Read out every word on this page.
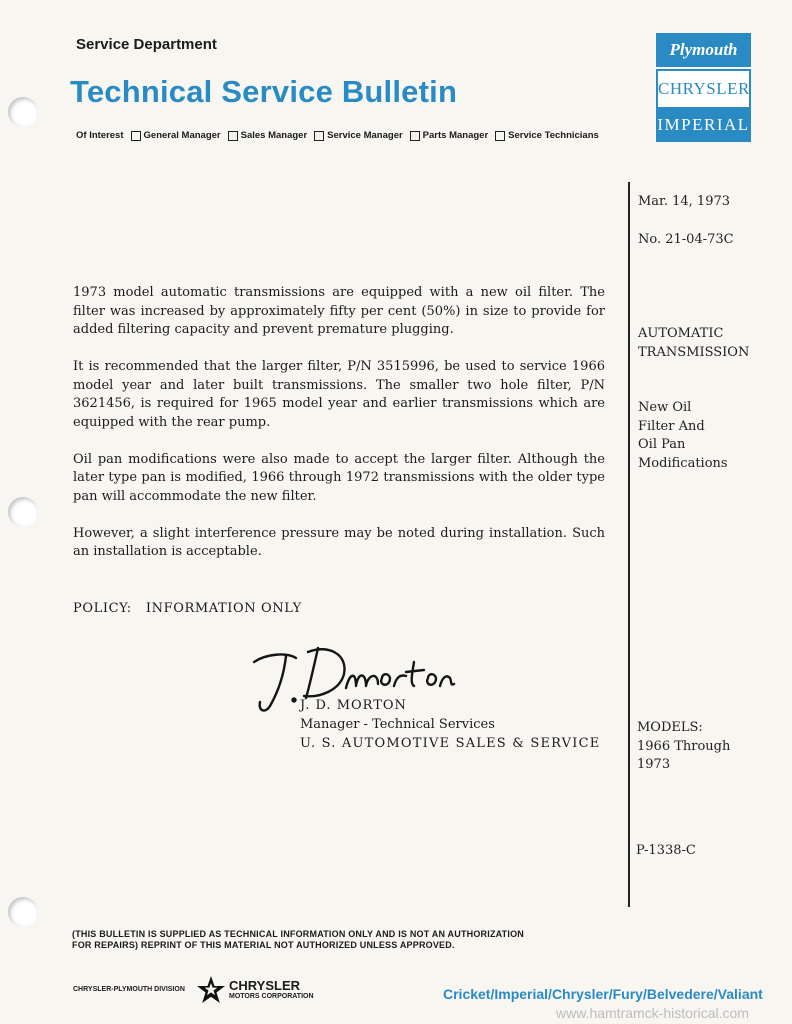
Service Department
Technical Service Bulletin
Of Interest General Manager Sales Manager Service Manager Parts Manager Service Technicians
Plymouth
CHRYSLER
IMPERIAL
Mar. 14, 1973
No. 21-04-73C
AUTOMATIC
TRANSMISSION
New Oil
Filter And
Oil Pan
Modifications
MODELS:
1966 Through
1973
P-1338-C

1973 model automatic transmissions are equipped with a new oil filter. The filter was increased by approximately fifty per cent (50%) in size to provide for added filtering capacity and prevent premature plugging.

It is recommended that the larger filter, P/N 3515996, be used to service 1966 model year and later built transmissions. The smaller two hole filter, P/N 3621456, is required for 1965 model year and earlier transmissions which are equipped with the rear pump.

Oil pan modifications were also made to accept the larger filter. Although the later type pan is modified, 1966 through 1972 transmissions with the older type pan will accommodate the new filter.

However, a slight interference pressure may be noted during installation. Such an installation is acceptable.

POLICY:   INFORMATION ONLY
J. D. MORTON
Manager - Technical Services
U. S. AUTOMOTIVE SALES & SERVICE
(THIS BULLETIN IS SUPPLIED AS TECHNICAL INFORMATION ONLY AND IS NOT AN AUTHORIZATION
FOR REPAIRS) REPRINT OF THIS MATERIAL NOT AUTHORIZED UNLESS APPROVED.
CHRYSLER-PLYMOUTH DIVISION	CHRYSLER
MOTORS CORPORATION	Cricket/Imperial/Chrysler/Fury/Belvedere/Valiant
www.hamtramck-historical.com
